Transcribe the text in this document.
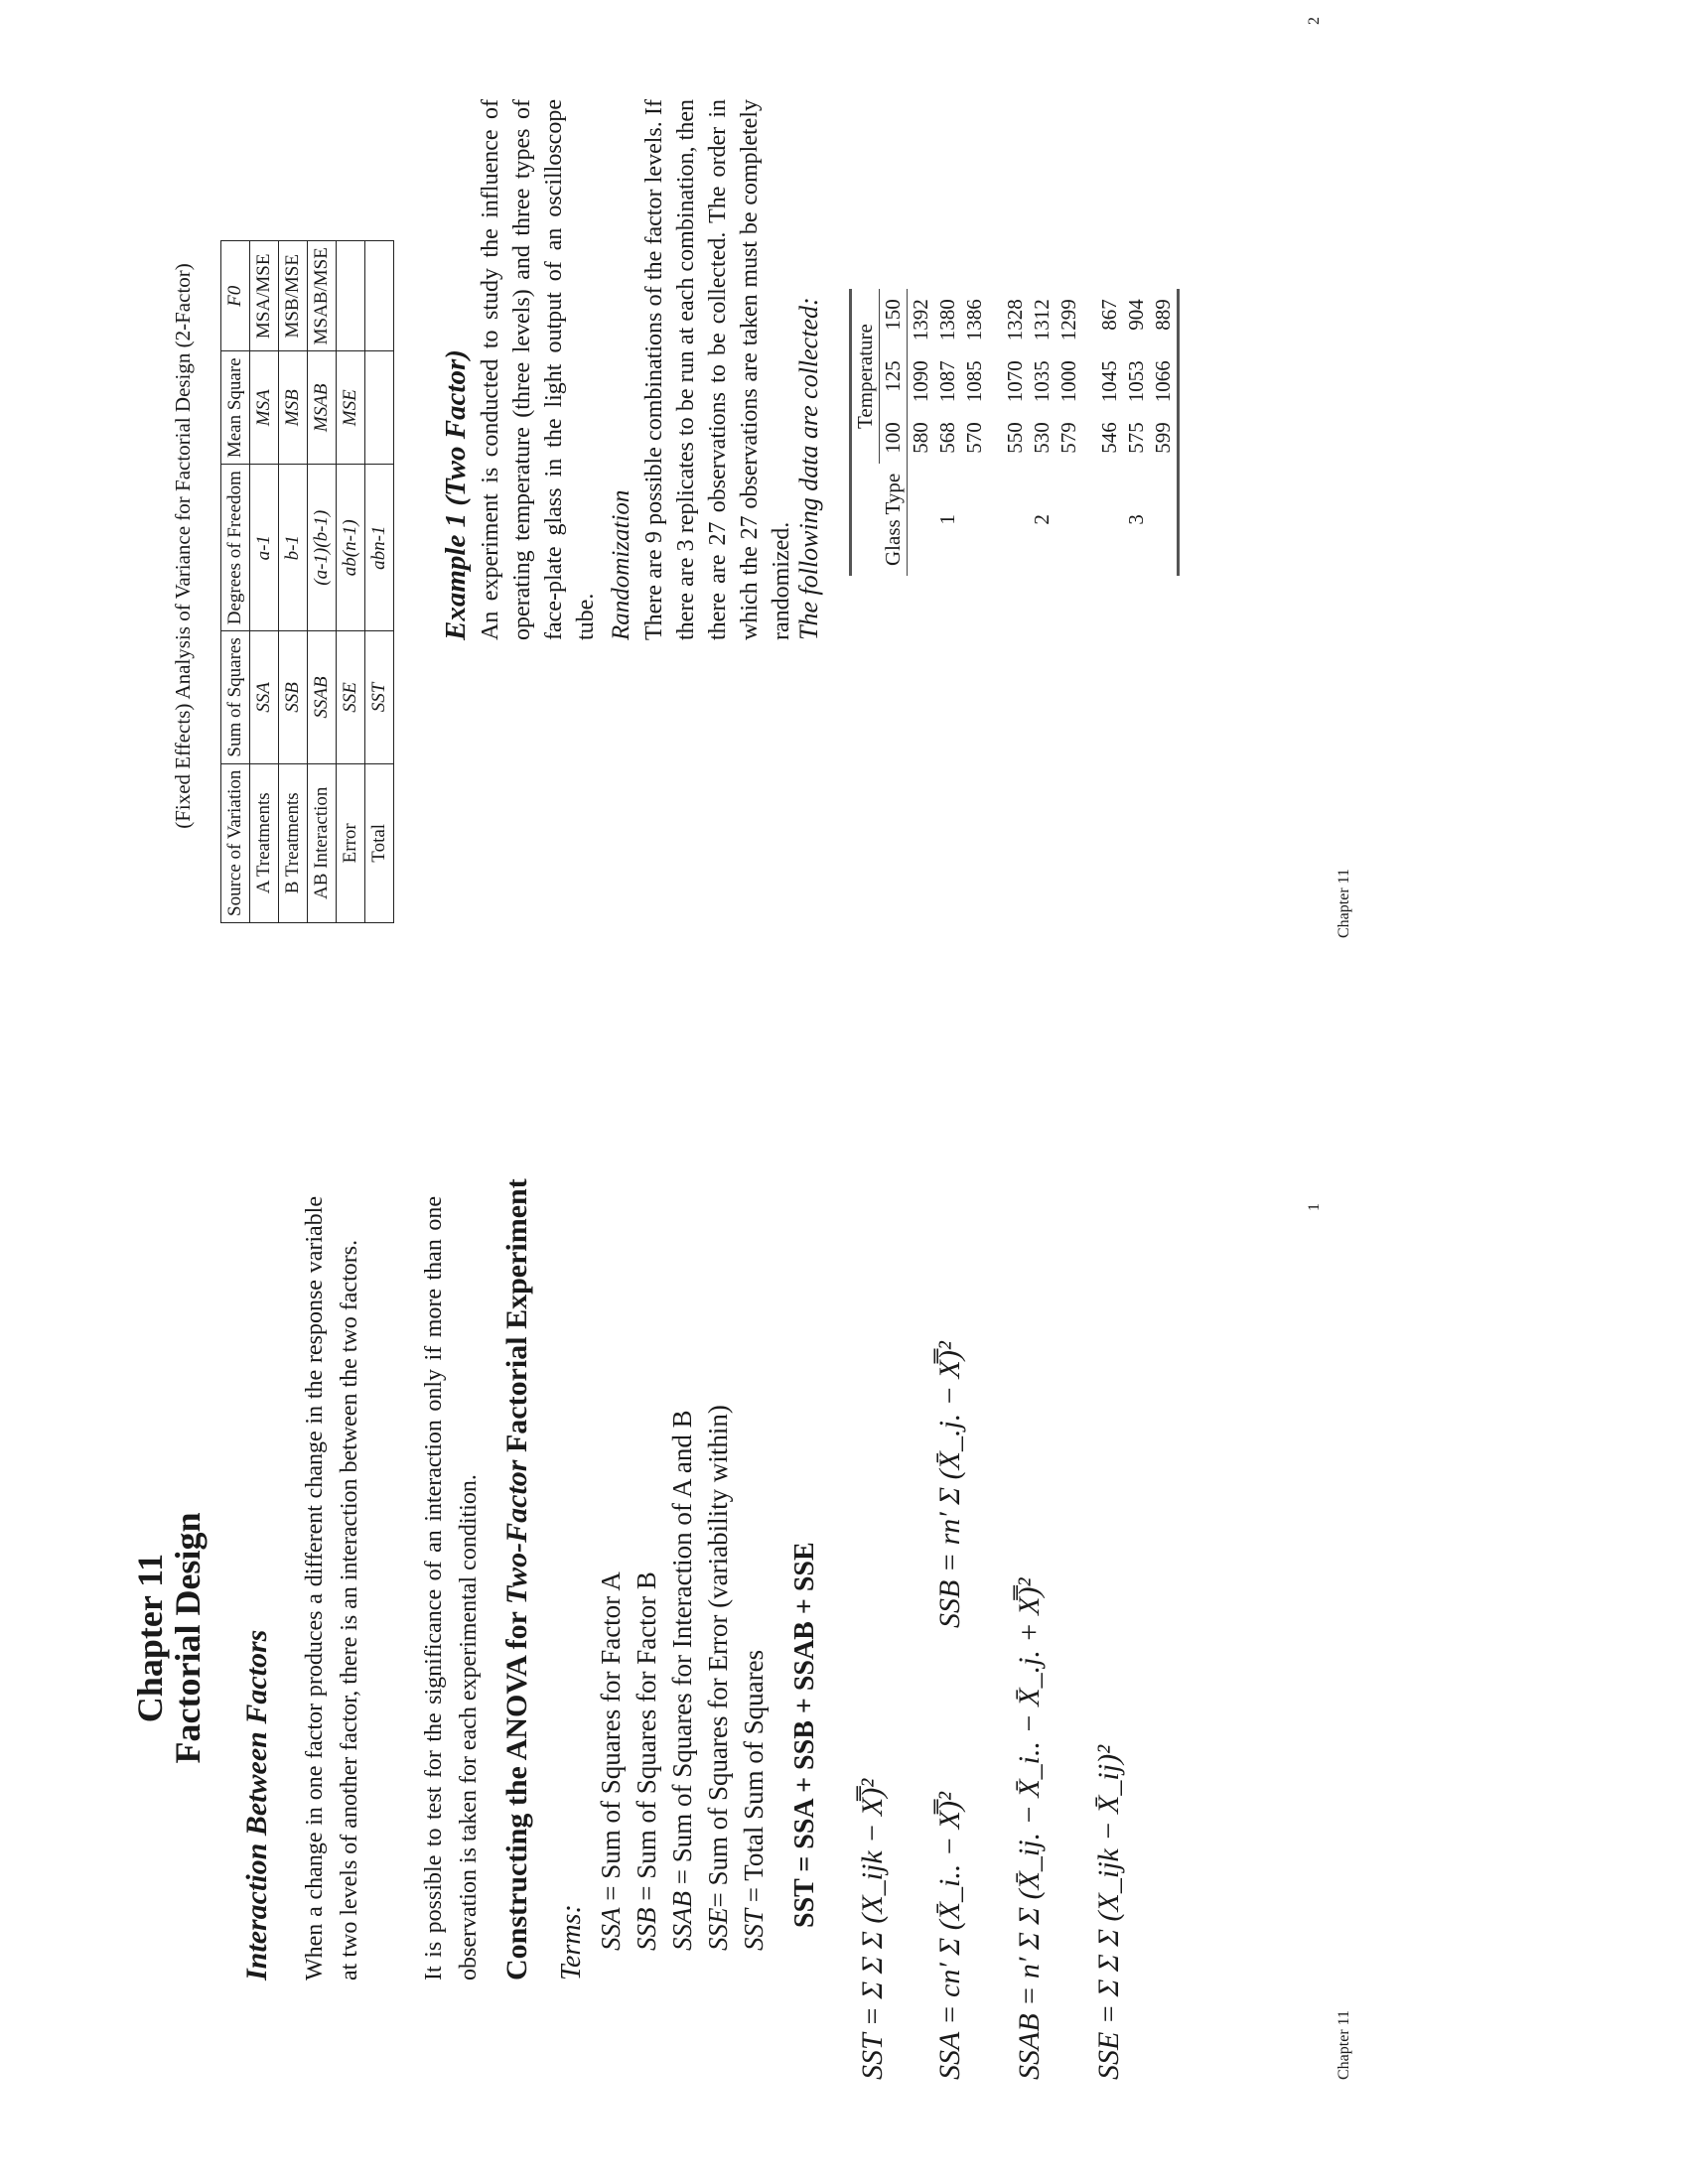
Chapter 11
Factorial Design Interaction Between Factors When a change in one factor produces a different change in the response variable at two levels of another factor, there is an interaction between the two factors. It is possible to test for the significance of an interaction only if more than one observation is taken for each experimental condition. Constructing the ANOVA for Two-Factor Factorial Experiment
Terms: SSA = Sum of Squares for Factor A
SSB = Sum of Squares for Factor B
SSAB = Sum of Squares for Interaction of A and B
SSE= Sum of Squares for Error (variability within)
SST = Total Sum of Squares SST = SSA + SSB + SSAB + SSE
SST = Σ Σ Σ (X_ijk − X̿)² SSA = cn′ Σ (X̄_i.. − X̿)²
SSB = rn′ Σ (X̄_.j. − X̿)²
SSAB = n′ Σ Σ (X̄_ij. − X̄_i.. − X̄_.j. + X̿)² SSE = Σ Σ Σ (X_ijk − X̄_ij)²	Chapter 11
1
(Fixed Effects) Analysis of Variance for Factorial Design (2-Factor)
Source of Variation	Sum of Squares	Degrees of Freedom	Mean Square	F0
A Treatments	SSA	a-1	MSA	MSA/MSE
B Treatments	SSB	b-1	MSB	MSB/MSE
AB Interaction	SSAB	(a-1)(b-1)	MSAB	MSAB/MSE
Error	SSE	ab(n-1)	MSE	
Total	SST	abn-1		Example 1 (Two Factor) An experiment is conducted to study the influence of operating temperature (three levels) and three types of face-plate glass in the light output of an oscilloscope tube. Randomization There are 9 possible combinations of the factor levels. If there are 3 replicates to be run at each combination, then there are 27 observations to be collected. The order in which the 27 observations are taken must be completely randomized. The following data are collected:
	Temperature		
Glass Type	100	125	150
	580	1090	1392
1	568	1087	1380
	570	1085	1386

	550	1070	1328
2	530	1035	1312
	579	1000	1299

	546	1045	867
3	575	1053	904
	599	1066	889
Chapter 11
2
